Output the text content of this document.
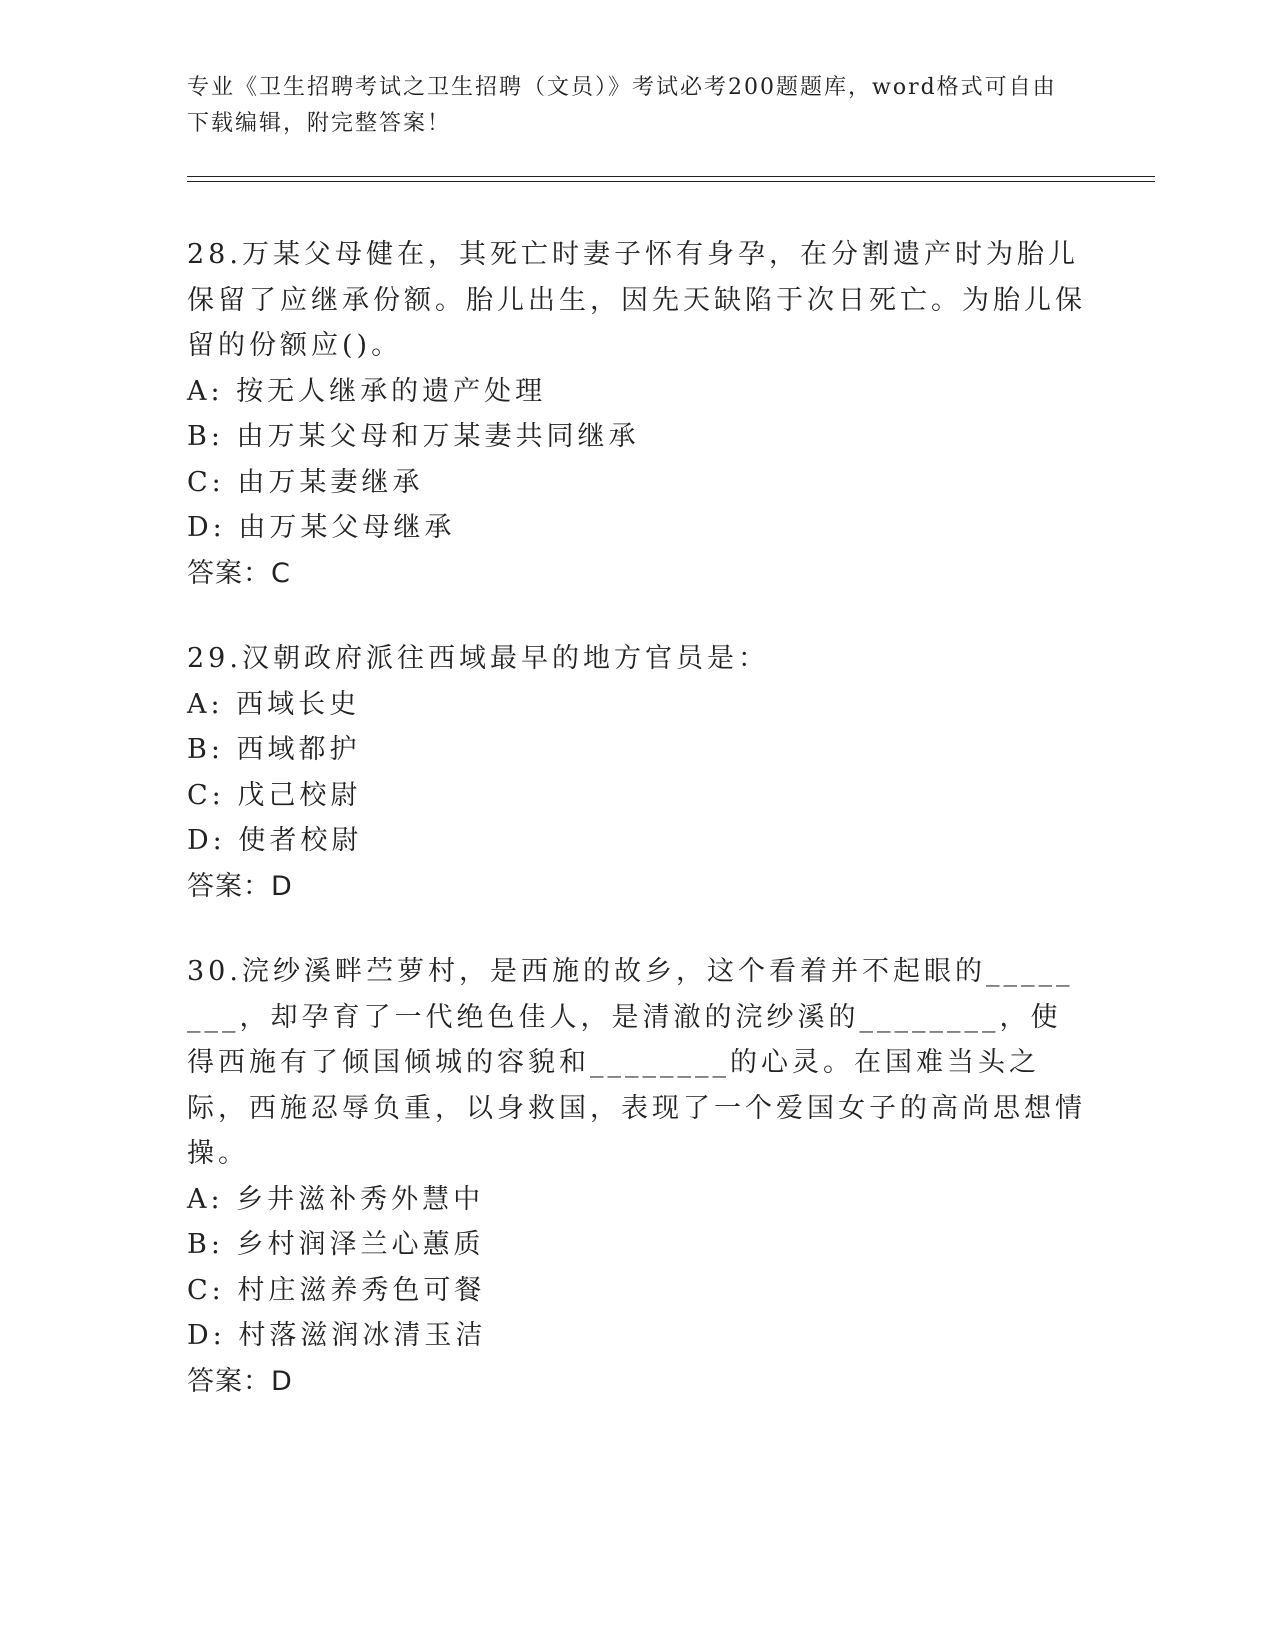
专业《卫生招聘考试之卫生招聘（文员）》考试必考200题题库，word格式可自由下载编辑，附完整答案！

28.万某父母健在，其死亡时妻子怀有身孕，在分割遗产时为胎儿保留了应继承份额。胎儿出生，因先天缺陷于次日死亡。为胎儿保留的份额应()。

A: 按无人继承的遗产处理

B: 由万某父母和万某妻共同继承

C: 由万某妻继承

D: 由万某父母继承

答案：C

29.汉朝政府派往西域最早的地方官员是：

A: 西域长史

B: 西域都护

C: 戊己校尉

D: 使者校尉

答案：D

30.浣纱溪畔苎萝村，是西施的故乡，这个看着并不起眼的________，却孕育了一代绝色佳人，是清澈的浣纱溪的________，使得西施有了倾国倾城的容貌和________的心灵。在国难当头之际，西施忍辱负重，以身救国，表现了一个爱国女子的高尚思想情操。

A: 乡井滋补秀外慧中

B: 乡村润泽兰心蕙质

C: 村庄滋养秀色可餐

D: 村落滋润冰清玉洁

答案：D
